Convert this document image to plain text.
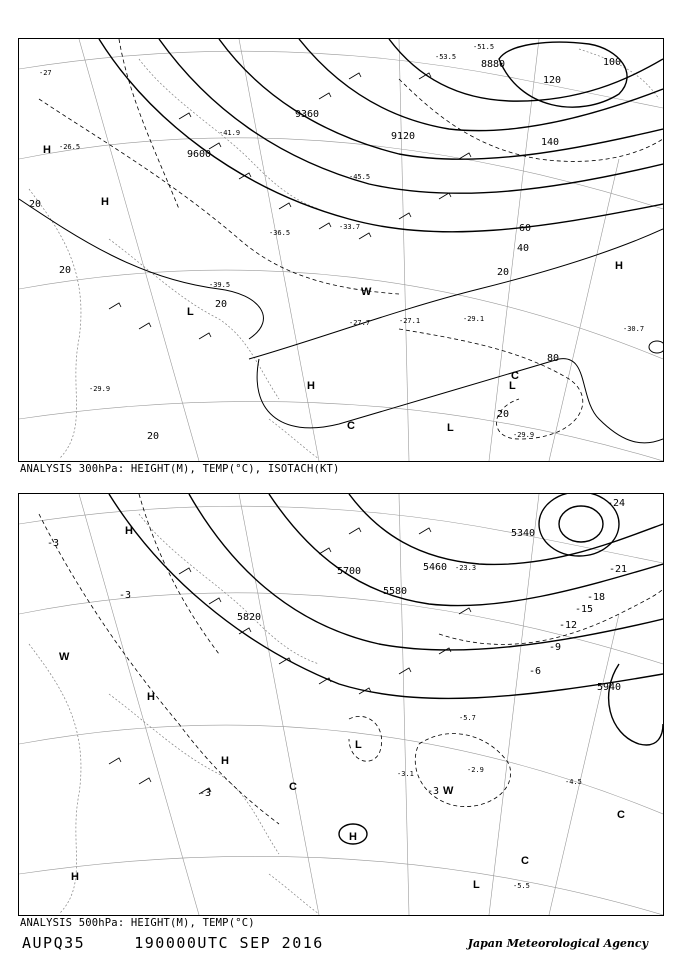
9600
9360
9120
8880
20
20
20
20
20
20
40
60
80
100
120
140
-27
-29.9
-30.7
-29.1
-27.1
-39.5
-41.9
-45.5
-51.5
-53.5
-33.7
-36.5
-26.5
-27.7
-29.9
H
H
H
H
L
L
L
C
C
W
ANALYSIS 300hPa: HEIGHT(M), TEMP(°C), ISOTACH(KT)
5940
5820
5700
5580
5460
5340
-3
-3
-3	-3
-6
-9
-12
-15
-18
-21
-24
-2.9
-4.5
-5.5
-3.1
-5.7
-23.3
H
H
H
H
H
L
L
C
C
C
W
W
ANALYSIS 500hPa: HEIGHT(M), TEMP(°C)
AUPQ35	190000UTC SEP 2016	Japan Meteorological Agency
